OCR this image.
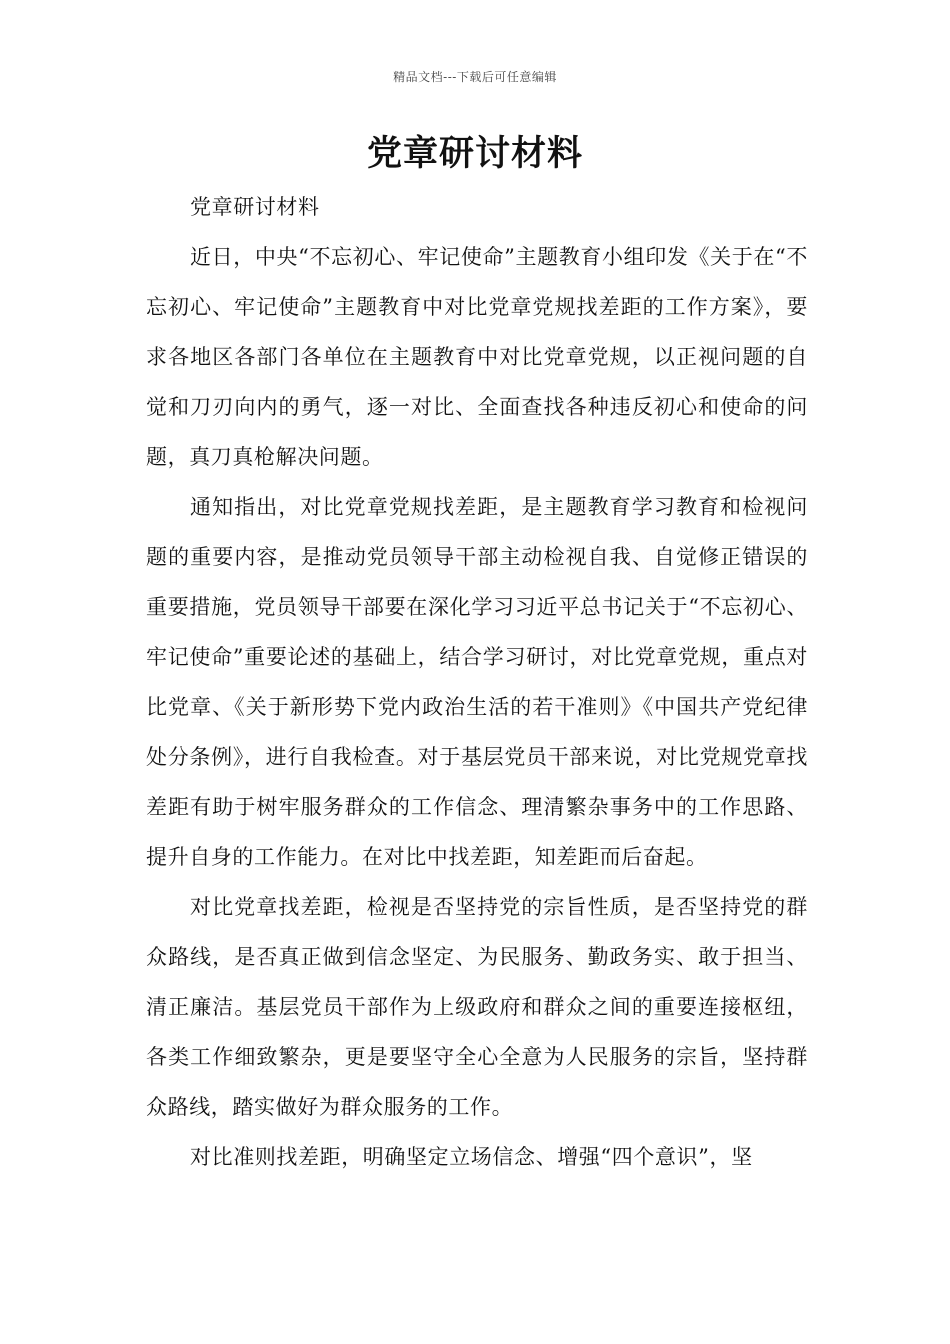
精品文档---下载后可任意编辑
党章研讨材料

党章研讨材料

近日，中央“不忘初心、牢记使命”主题教育小组印发《关于在“不忘初心、牢记使命”主题教育中对比党章党规找差距的工作方案》，要求各地区各部门各单位在主题教育中对比党章党规，以正视问题的自觉和刀刃向内的勇气，逐一对比、全面查找各种违反初心和使命的问题，真刀真枪解决问题。

通知指出，对比党章党规找差距，是主题教育学习教育和检视问题的重要内容，是推动党员领导干部主动检视自我、自觉修正错误的重要措施，党员领导干部要在深化学习习近平总书记关于“不忘初心、牢记使命”重要论述的基础上，结合学习研讨，对比党章党规，重点对比党章、《关于新形势下党内政治生活的若干准则》《中国共产党纪律处分条例》，进行自我检查。对于基层党员干部来说，对比党规党章找差距有助于树牢服务群众的工作信念、理清繁杂事务中的工作思路、提升自身的工作能力。在对比中找差距，知差距而后奋起。

对比党章找差距，检视是否坚持党的宗旨性质，是否坚持党的群众路线，是否真正做到信念坚定、为民服务、勤政务实、敢于担当、清正廉洁。基层党员干部作为上级政府和群众之间的重要连接枢纽，各类工作细致繁杂，更是要坚守全心全意为人民服务的宗旨，坚持群众路线，踏实做好为群众服务的工作。

对比准则找差距，明确坚定立场信念、增强“四个意识”，坚
